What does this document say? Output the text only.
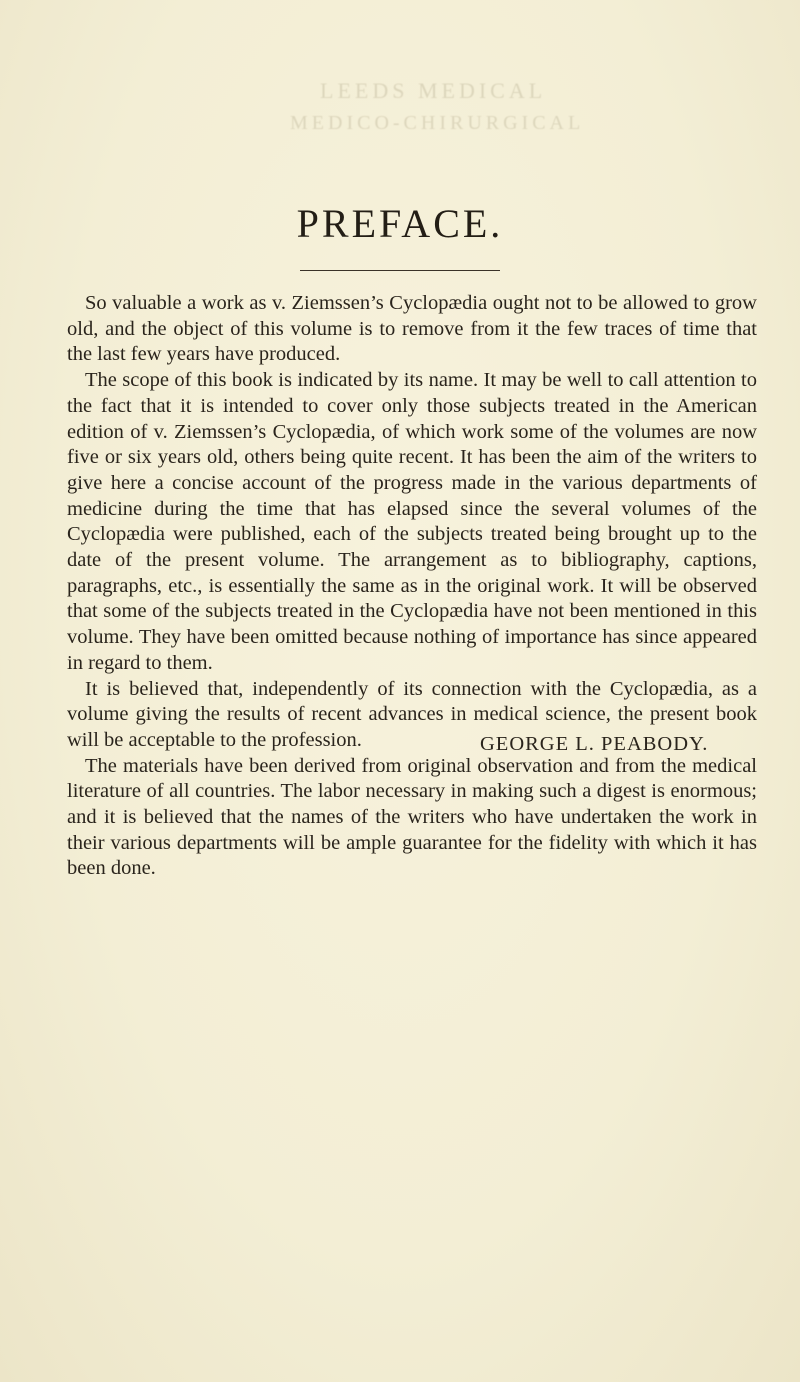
LEEDS MEDICAL
MEDICO-CHIRURGICAL
PREFACE.

So valuable a work as v. Ziemssen’s Cyclopædia ought not to be allowed to grow old, and the object of this volume is to remove from it the few traces of time that the last few years have produced.

The scope of this book is indicated by its name. It may be well to call attention to the fact that it is intended to cover only those subjects treated in the American edition of v. Ziemssen’s Cyclopædia, of which work some of the volumes are now five or six years old, others being quite recent. It has been the aim of the writers to give here a concise account of the progress made in the various departments of medicine during the time that has elapsed since the several volumes of the Cyclopædia were published, each of the subjects treated being brought up to the date of the present volume. The arrangement as to bibliography, captions, paragraphs, etc., is essentially the same as in the original work. It will be observed that some of the subjects treated in the Cyclopædia have not been mentioned in this volume. They have been omitted because nothing of importance has since appeared in regard to them.

It is believed that, independently of its connection with the Cyclopædia, as a volume giving the results of recent advances in medical science, the present book will be acceptable to the profession.

The materials have been derived from original observation and from the medical literature of all countries. The labor necessary in making such a digest is enormous; and it is believed that the names of the writers who have undertaken the work in their various departments will be ample guarantee for the fidelity with which it has been done.

GEORGE L. PEABODY.
